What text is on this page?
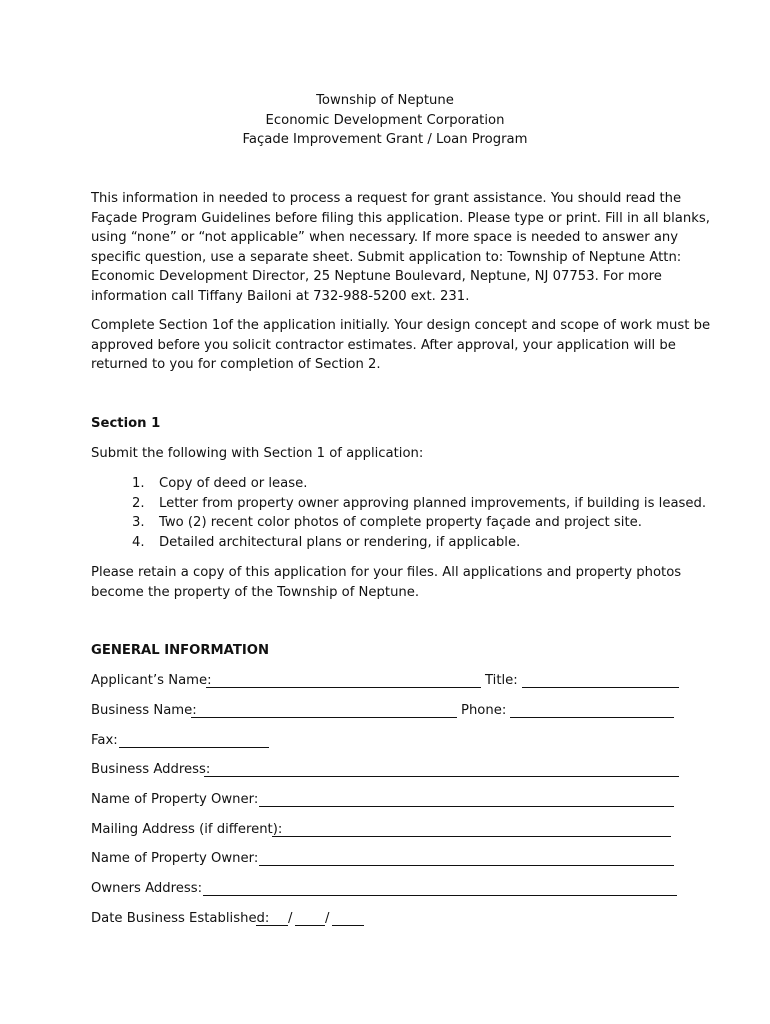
Township of Neptune
Economic Development Corporation
Façade Improvement Grant / Loan Program
This information in needed to process a request for grant assistance. You should read the
Façade Program Guidelines before filing this application. Please type or print. Fill in all blanks,
using “none” or “not applicable” when necessary. If more space is needed to answer any
specific question, use a separate sheet. Submit application to: Township of Neptune Attn:
Economic Development Director, 25 Neptune Boulevard, Neptune, NJ 07753. For more
information call Tiffany Bailoni at 732-988-5200 ext. 231.
Complete Section 1of the application initially. Your design concept and scope of work must be
approved before you solicit contractor estimates. After approval, your application will be
returned to you for completion of Section 2.
Section 1
Submit the following with Section 1 of application:
1. Copy of deed or lease.
2. Letter from property owner approving planned improvements, if building is leased.
3. Two (2) recent color photos of complete property façade and project site.
4. Detailed architectural plans or rendering, if applicable.
Please retain a copy of this application for your files. All applications and property photos
become the property of the Township of Neptune.
GENERAL INFORMATION
Applicant’s Name:	Title:
Business Name:	Phone:
Fax:
Business Address:
Name of Property Owner:
Mailing Address (if different):
Name of Property Owner:
Owners Address:
Date Business Established: / /
